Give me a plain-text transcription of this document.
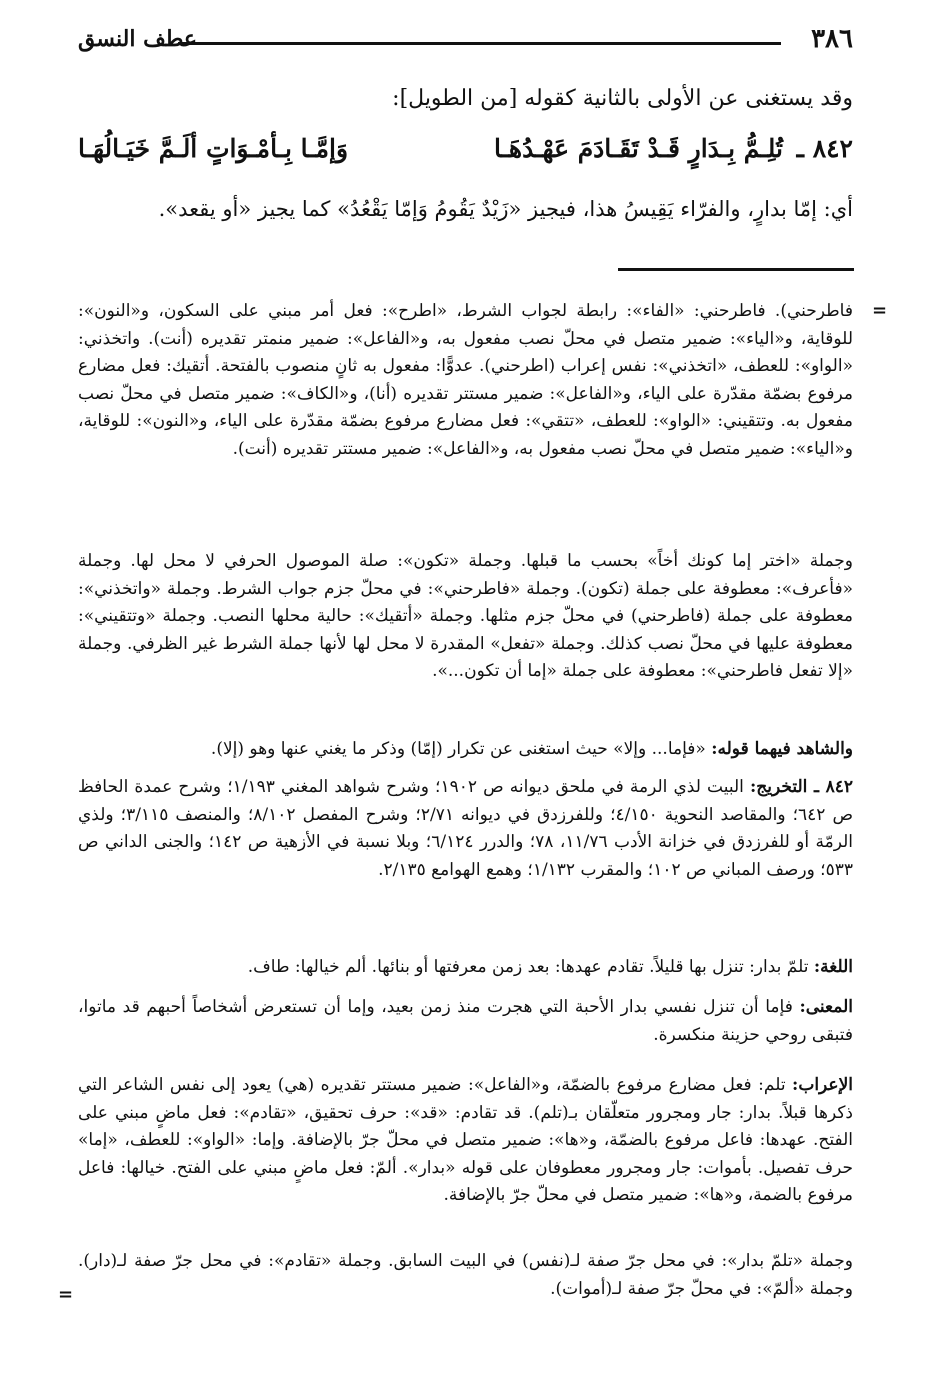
٣٨٦
عطف النسق
وقد يستغنى عن الأولى بالثانية كقوله [من الطويل]:
٨٤٢ ـ
تُلِـمُّ بِـدَارٍ قَـدْ تَقَـادَمَ عَهْـدُهَـا
وَإمَّـا بِـأمْـوَاتٍ ألَـمَّ خَيَـالُهَـا
أي: إمّا بدارٍ، والفرّاء يَقِيسُ هذا، فيجيز «زَيْدٌ يَقُومُ وَإمّا يَقْعُدُ» كما يجيز «أو يقعد».
=
فاطرحني). فاطرحني: «الفاء»: رابطة لجواب الشرط، «اطرح»: فعل أمر مبني على السكون، و«النون»: للوقاية، و«الياء»: ضمير متصل في محلّ نصب مفعول به، و«الفاعل»: ضمير منمتر تقديره (أنت). واتخذني: «الواو»: للعطف، «اتخذني»: نفس إعراب (اطرحني). عدوًّا: مفعول به ثانٍ منصوب بالفتحة. أتقيك: فعل مضارع مرفوع بضمّة مقدّرة على الياء، و«الفاعل»: ضمير مستتر تقديره (أنا)، و«الكاف»: ضمير متصل في محلّ نصب مفعول به. وتتقيني: «الواو»: للعطف، «تتقي»: فعل مضارع مرفوع بضمّة مقدّرة على الياء، و«النون»: للوقاية، و«الياء»: ضمير متصل في محلّ نصب مفعول به، و«الفاعل»: ضمير مستتر تقديره (أنت).
وجملة «اختر إما كونك أخاً» بحسب ما قبلها. وجملة «تكون»: صلة الموصول الحرفي لا محل لها. وجملة «فأعرف»: معطوفة على جملة (تكون). وجملة «فاطرحني»: في محلّ جزم جواب الشرط. وجملة «واتخذني»: معطوفة على جملة (فاطرحني) في محلّ جزم مثلها. وجملة «أتقيك»: حالية محلها النصب. وجملة «وتتقيني»: معطوفة عليها في محلّ نصب كذلك. وجملة «تفعل» المقدرة لا محل لها لأنها جملة الشرط غير الظرفي. وجملة «إلا تفعل فاطرحني»: معطوفة على جملة «إما أن تكون...».
والشاهد فيهما قوله: «فإما... وإلا» حيث استغنى عن تكرار (إمّا) وذكر ما يغني عنها وهو (إلا).
٨٤٢ ـ التخريج: البيت لذي الرمة في ملحق ديوانه ص ١٩٠٢؛ وشرح شواهد المغني ١/١٩٣؛ وشرح عمدة الحافظ ص ٦٤٢؛ والمقاصد النحوية ٤/١٥٠؛ وللفرزدق في ديوانه ٢/٧١؛ وشرح المفصل ٨/١٠٢؛ والمنصف ٣/١١٥؛ ولذي الرمّة أو للفرزدق في خزانة الأدب ١١/٧٦، ٧٨؛ والدرر ٦/١٢٤؛ وبلا نسبة في الأزهية ص ١٤٢؛ والجنى الداني ص ٥٣٣؛ ورصف المباني ص ١٠٢؛ والمقرب ١/١٣٢؛ وهمع الهوامع ٢/١٣٥.
اللغة: تلمّ بدار: تنزل بها قليلاً. تقادم عهدها: بعد زمن معرفتها أو بنائها. ألم خيالها: طاف.
المعنى: فإما أن تنزل نفسي بدار الأحبة التي هجرت منذ زمن بعيد، وإما أن تستعرض أشخاصاً أحبهم قد ماتوا، فتبقى روحي حزينة منكسرة.
الإعراب: تلم: فعل مضارع مرفوع بالضمّة، و«الفاعل»: ضمير مستتر تقديره (هي) يعود إلى نفس الشاعر التي ذكرها قبلاً. بدار: جار ومجرور متعلّقان بـ(تلم). قد تقادم: «قد»: حرف تحقيق، «تقادم»: فعل ماضٍ مبني على الفتح. عهدها: فاعل مرفوع بالضمّة، و«ها»: ضمير متصل في محلّ جرّ بالإضافة. وإما: «الواو»: للعطف، «إما» حرف تفصيل. بأموات: جار ومجرور معطوفان على قوله «بدار». ألمّ: فعل ماضٍ مبني على الفتح. خيالها: فاعل مرفوع بالضمة، و«ها»: ضمير متصل في محلّ جرّ بالإضافة.
وجملة «تلمّ بدار»: في محل جرّ صفة لـ(نفس) في البيت السابق. وجملة «تقادم»: في محل جرّ صفة لـ(دار). وجملة «ألمّ»: في محلّ جرّ صفة لـ(أموات).
=
